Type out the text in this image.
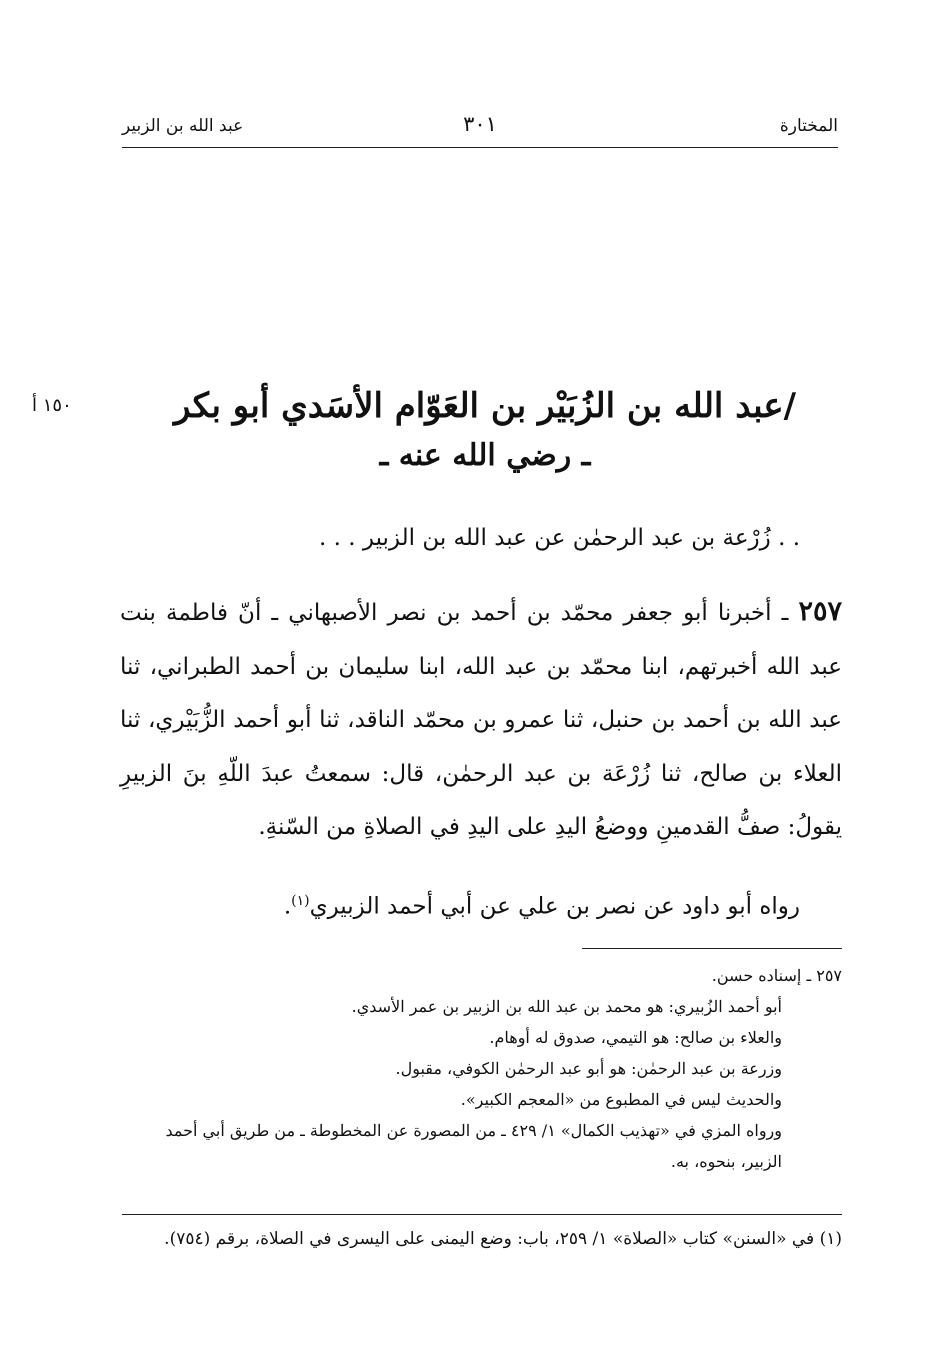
المختارة
٣٠١
عبد الله بن الزبير
١٥٠ أ	/عبد الله بن الزُبَيْر بن العَوّام الأسَدي أبو بكر
ـ رضي الله عنه ـ
. . زُرْعة بن عبد الرحمٰن عن عبد الله بن الزبير . . .
٢٥٧ ـ أخبرنا أبو جعفر محمّد بن أحمد بن نصر الأصبهاني ـ أنّ فاطمة بنت عبد الله أخبرتهم، ابنا محمّد بن عبد الله، ابنا سليمان بن أحمد الطبراني، ثنا عبد الله بن أحمد بن حنبل، ثنا عمرو بن محمّد الناقد، ثنا أبو أحمد الزُّبَيْري، ثنا العلاء بن صالح، ثنا زُرْعَة بن عبد الرحمٰن، قال: سمعتُ عبدَ اللّهِ بنَ الزبيرِ يقولُ: صفُّ القدمينِ ووضعُ اليدِ على اليدِ في الصلاةِ من السّنةِ.
رواه أبو داود عن نصر بن علي عن أبي أحمد الزبيري$^{(١)}$.
٢٥٧ ـ إسناده حسن.
أبو أحمد الزُبيري: هو محمد بن عبد الله بن الزبير بن عمر الأسدي.
والعلاء بن صالح: هو التيمي، صدوق له أوهام.
وزرعة بن عبد الرحمٰن: هو أبو عبد الرحمٰن الكوفي، مقبول.
والحديث ليس في المطبوع من «المعجم الكبير».
ورواه المزي في «تهذيب الكمال» ١/ ٤٢٩ ـ من المصورة عن المخطوطة ـ من طريق أبي أحمد الزبير، بنحوه، به.
(١) في «السنن» كتاب «الصلاة» ١/ ٢٥٩، باب: وضع اليمنى على اليسرى في الصلاة، برقم (٧٥٤).
